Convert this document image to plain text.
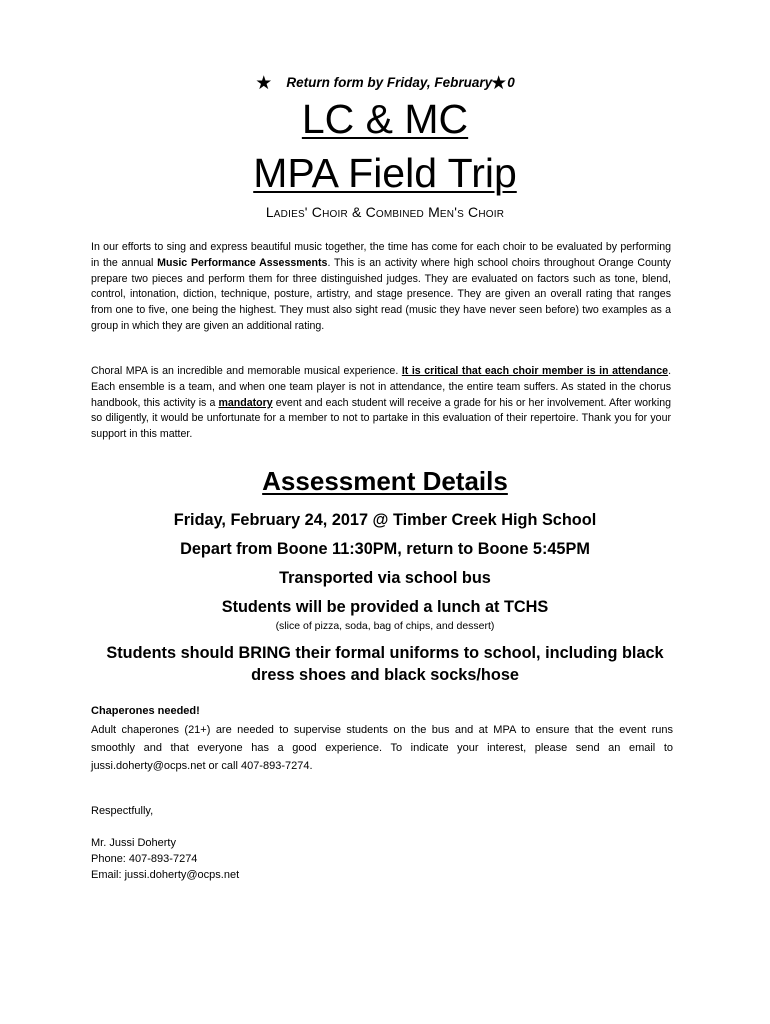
★ Return form by Friday, February★0
LC & MC
MPA Field Trip
Ladies' Choir & Combined Men's Choir
In our efforts to sing and express beautiful music together, the time has come for each choir to be evaluated by performing in the annual Music Performance Assessments. This is an activity where high school choirs throughout Orange County prepare two pieces and perform them for three distinguished judges. They are evaluated on factors such as tone, blend, control, intonation, diction, technique, posture, artistry, and stage presence. They are given an overall rating that ranges from one to five, one being the highest. They must also sight read (music they have never seen before) two examples as a group in which they are given an additional rating.
Choral MPA is an incredible and memorable musical experience. It is critical that each choir member is in attendance. Each ensemble is a team, and when one team player is not in attendance, the entire team suffers. As stated in the chorus handbook, this activity is a mandatory event and each student will receive a grade for his or her involvement. After working so diligently, it would be unfortunate for a member to not to partake in this evaluation of their repertoire. Thank you for your support in this matter.
Assessment Details
Friday, February 24, 2017 @ Timber Creek High School
Depart from Boone 11:30PM, return to Boone 5:45PM
Transported via school bus
Students will be provided a lunch at TCHS
(slice of pizza, soda, bag of chips, and dessert)
Students should BRING their formal uniforms to school, including black dress shoes and black socks/hose
Chaperones needed!
Adult chaperones (21+) are needed to supervise students on the bus and at MPA to ensure that the event runs smoothly and that everyone has a good experience. To indicate your interest, please send an email to jussi.doherty@ocps.net or call 407-893-7274.
Respectfully,
Mr. Jussi Doherty
Phone: 407-893-7274
Email: jussi.doherty@ocps.net
